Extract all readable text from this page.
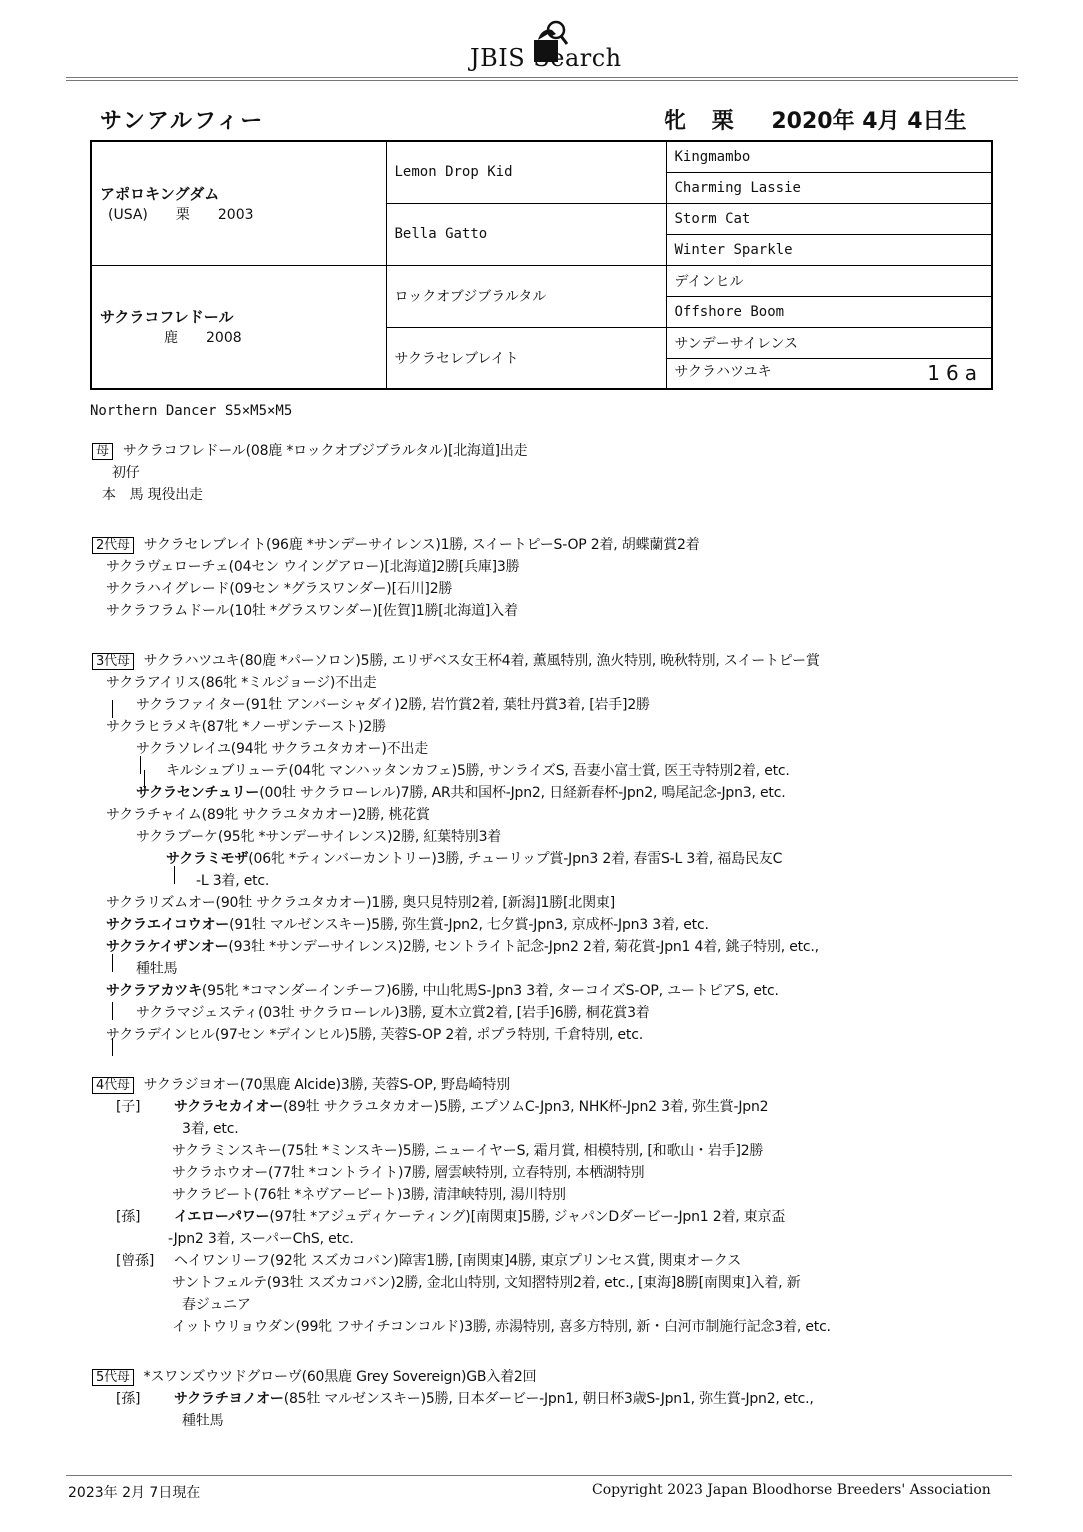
JBIS Search
サンアルフィー	牝 栗 2020年 4月 4日生
アポロキングダム
(USA)　　栗　　2003	Lemon Drop Kid	Kingmambo
		Charming Lassie
	Bella Gatto	Storm Cat
		Winter Sparkle

サクラコフレドール
　　　　鹿　　2008	ロックオブジブラルタル	デインヒル
		Offshore Boom
	サクラセレブレイト	サンデーサイレンス
		サクラハツユキ 16a
Northern Dancer S5×M5×M5
母 サクラコフレドール(08鹿 *ロックオブジブラルタル)[北海道]出走
初仔
本　馬 現役出走
2代母 サクラセレブレイト(96鹿 *サンデーサイレンス)1勝, スイートピーS-OP 2着, 胡蝶蘭賞2着
サクラヴェローチェ(04セン ウイングアロー)[北海道]2勝[兵庫]3勝
サクラハイグレード(09セン *グラスワンダー)[石川]2勝
サクラフラムドール(10牡 *グラスワンダー)[佐賀]1勝[北海道]入着
3代母 サクラハツユキ(80鹿 *パーソロン)5勝, エリザベス女王杯4着, 薫風特別, 漁火特別, 晩秋特別, スイートピー賞
サクラアイリス(86牝 *ミルジョージ)不出走
サクラファイター(91牡 アンバーシャダイ)2勝, 岩竹賞2着, 葉牡丹賞3着, [岩手]2勝
サクラヒラメキ(87牝 *ノーザンテースト)2勝
サクラソレイユ(94牝 サクラユタカオー)不出走
キルシュブリューテ(04牝 マンハッタンカフェ)5勝, サンライズS, 吾妻小富士賞, 医王寺特別2着, etc.
サクラセンチュリー(00牡 サクラローレル)7勝, AR共和国杯-Jpn2, 日経新春杯-Jpn2, 鳴尾記念-Jpn3, etc.
サクラチャイム(89牝 サクラユタカオー)2勝, 桃花賞
サクラブーケ(95牝 *サンデーサイレンス)2勝, 紅葉特別3着
サクラミモザ(06牝 *ティンバーカントリー)3勝, チューリップ賞-Jpn3 2着, 春雷S-L 3着, 福島民友C
-L 3着, etc.
サクラリズムオー(90牡 サクラユタカオー)1勝, 奥只見特別2着, [新潟]1勝[北関東]
サクラエイコウオー(91牡 マルゼンスキー)5勝, 弥生賞-Jpn2, 七夕賞-Jpn3, 京成杯-Jpn3 3着, etc.
サクラケイザンオー(93牡 *サンデーサイレンス)2勝, セントライト記念-Jpn2 2着, 菊花賞-Jpn1 4着, 銚子特別, etc.,
種牡馬
サクラアカツキ(95牝 *コマンダーインチーフ)6勝, 中山牝馬S-Jpn3 3着, ターコイズS-OP, ユートピアS, etc.
サクラマジェスティ(03牡 サクラローレル)3勝, 夏木立賞2着, [岩手]6勝, 桐花賞3着
サクラデインヒル(97セン *デインヒル)5勝, 芙蓉S-OP 2着, ポプラ特別, 千倉特別, etc.
4代母 サクラジヨオー(70黒鹿 Alcide)3勝, 芙蓉S-OP, 野島崎特別
[子] サクラセカイオー(89牡 サクラユタカオー)5勝, エプソムC-Jpn3, NHK杯-Jpn2 3着, 弥生賞-Jpn2
3着, etc.
サクラミンスキー(75牡 *ミンスキー)5勝, ニューイヤーS, 霜月賞, 相模特別, [和歌山・岩手]2勝
サクラホウオー(77牡 *コントライト)7勝, 層雲峡特別, 立春特別, 本栖湖特別
サクラビート(76牡 *ネヴアービート)3勝, 清津峡特別, 湯川特別
[孫] イエローパワー(97牡 *アジュディケーティング)[南関東]5勝, ジャパンDダービー-Jpn1 2着, 東京盃
-Jpn2 3着, スーパーChS, etc.
[曾孫] ヘイワンリーフ(92牝 スズカコバン)障害1勝, [南関東]4勝, 東京プリンセス賞, 関東オークス
サントフェルテ(93牡 スズカコバン)2勝, 金北山特別, 文知摺特別2着, etc., [東海]8勝[南関東]入着, 新
春ジュニア
イットウリョウダン(99牝 フサイチコンコルド)3勝, 赤湯特別, 喜多方特別, 新・白河市制施行記念3着, etc.
5代母 *スワンズウツドグローヴ(60黒鹿 Grey Sovereign)GB入着2回
[孫] サクラチヨノオー(85牡 マルゼンスキー)5勝, 日本ダービー-Jpn1, 朝日杯3歳S-Jpn1, 弥生賞-Jpn2, etc.,
種牡馬
2023年 2月 7日現在	Copyright 2023 Japan Bloodhorse Breeders' Association
